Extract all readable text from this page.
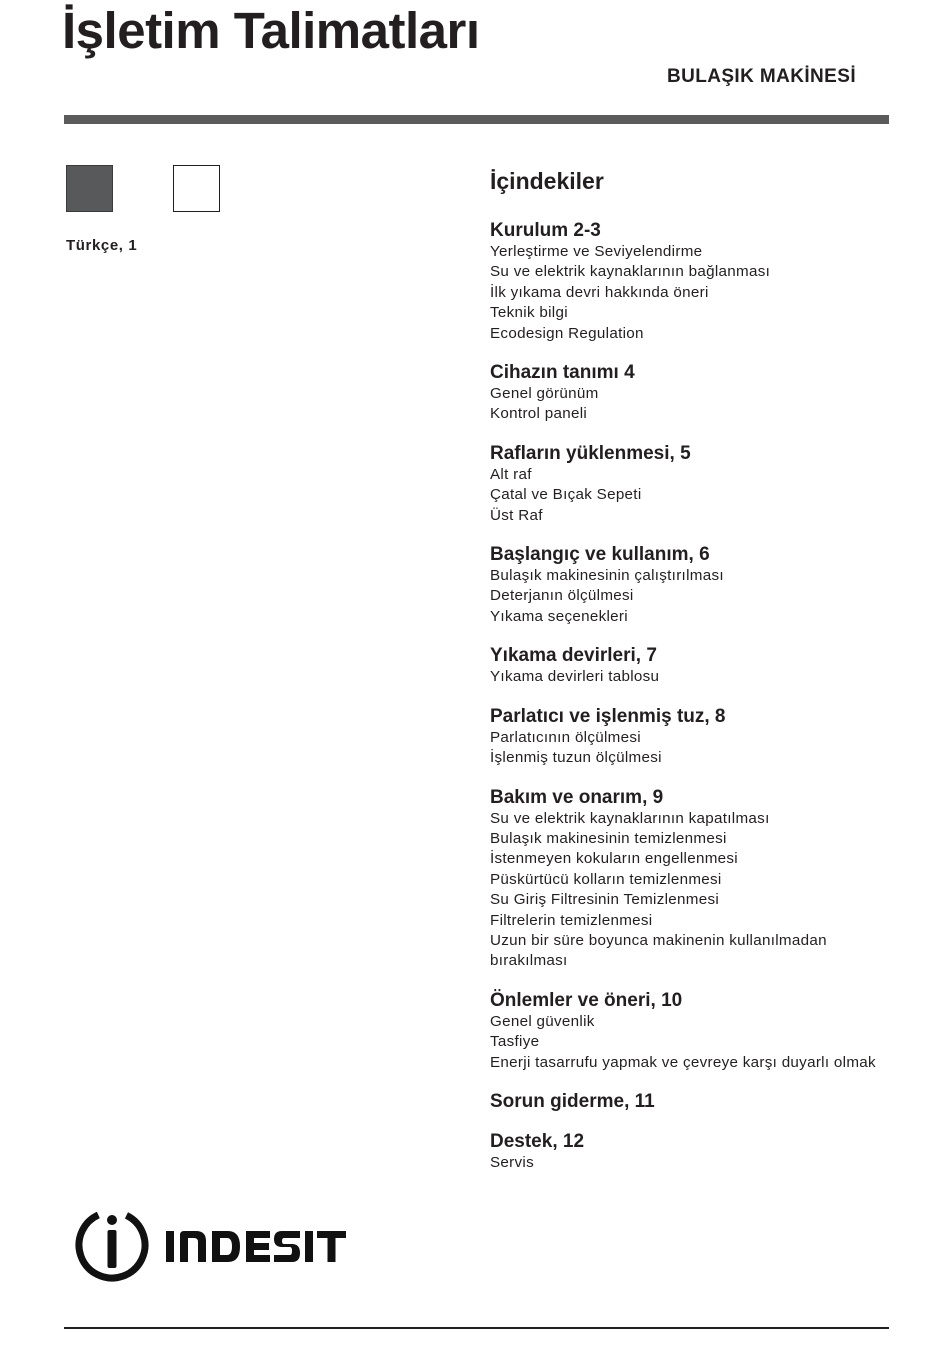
İşletim Talimatları
BULAŞIK MAKİNESİ
Türkçe, 1
İçindekiler
Kurulum 2-3
Yerleştirme ve Seviyelendirme
Su ve elektrik kaynaklarının bağlanması
İlk yıkama devri hakkında öneri
Teknik bilgi
Ecodesign Regulation
Cihazın tanımı 4
Genel görünüm
Kontrol paneli
Rafların yüklenmesi, 5
Alt raf
Çatal ve Bıçak Sepeti
Üst Raf
Başlangıç ve kullanım, 6
Bulaşık makinesinin çalıştırılması
Deterjanın ölçülmesi
Yıkama seçenekleri
Yıkama devirleri, 7
Yıkama devirleri tablosu
Parlatıcı ve işlenmiş tuz, 8
Parlatıcının ölçülmesi
İşlenmiş tuzun ölçülmesi
Bakım ve onarım, 9
Su ve elektrik kaynaklarının kapatılması
Bulaşık makinesinin temizlenmesi
İstenmeyen kokuların engellenmesi
Püskürtücü kolların temizlenmesi
Su Giriş Filtresinin Temizlenmesi
Filtrelerin temizlenmesi
Uzun bir süre boyunca makinenin kullanılmadan bırakılması
Önlemler ve öneri, 10
Genel güvenlik
Tasfiye
Enerji tasarrufu yapmak ve çevreye karşı duyarlı olmak
Sorun giderme, 11
Destek, 12
Servis
